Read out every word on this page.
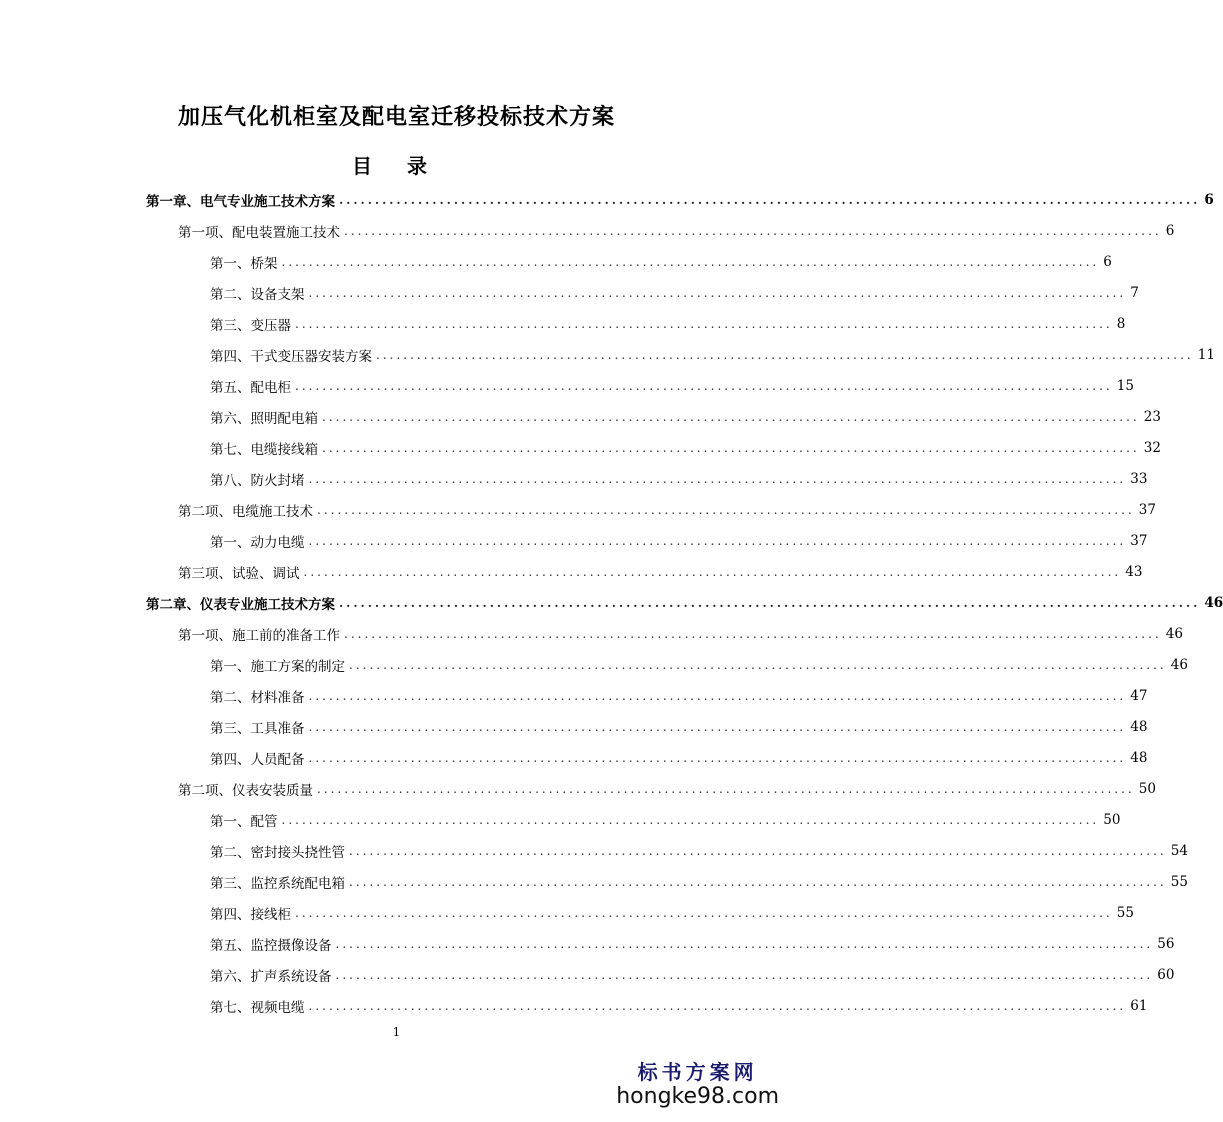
加压气化机柜室及配电室迁移投标技术方案
目 录
第一章、电气专业施工技术方案 ........................................................................................................................ 6
第一项、配电装置施工技术 ........................................................................................................................ 6
第一、桥架 ........................................................................................................................ 6
第二、设备支架 ........................................................................................................................ 7
第三、变压器 ........................................................................................................................ 8
第四、干式变压器安装方案 ........................................................................................................................ 11
第五、配电柜 ........................................................................................................................ 15
第六、照明配电箱 ........................................................................................................................ 23
第七、电缆接线箱 ........................................................................................................................ 32
第八、防火封堵 ........................................................................................................................ 33
第二项、电缆施工技术 ........................................................................................................................ 37
第一、动力电缆 ........................................................................................................................ 37
第三项、试验、调试 ........................................................................................................................ 43
第二章、仪表专业施工技术方案 ........................................................................................................................ 46
第一项、施工前的准备工作 ........................................................................................................................ 46
第一、施工方案的制定 ........................................................................................................................ 46
第二、材料准备 ........................................................................................................................ 47
第三、工具准备 ........................................................................................................................ 48
第四、人员配备 ........................................................................................................................ 48
第二项、仪表安装质量 ........................................................................................................................ 50
第一、配管 ........................................................................................................................ 50
第二、密封接头挠性管 ........................................................................................................................ 54
第三、监控系统配电箱 ........................................................................................................................ 55
第四、接线柜 ........................................................................................................................ 55
第五、监控摄像设备 ........................................................................................................................ 56
第六、扩声系统设备 ........................................................................................................................ 60
第七、视频电缆 ........................................................................................................................ 61
1
标书方案网
hongke98.com
